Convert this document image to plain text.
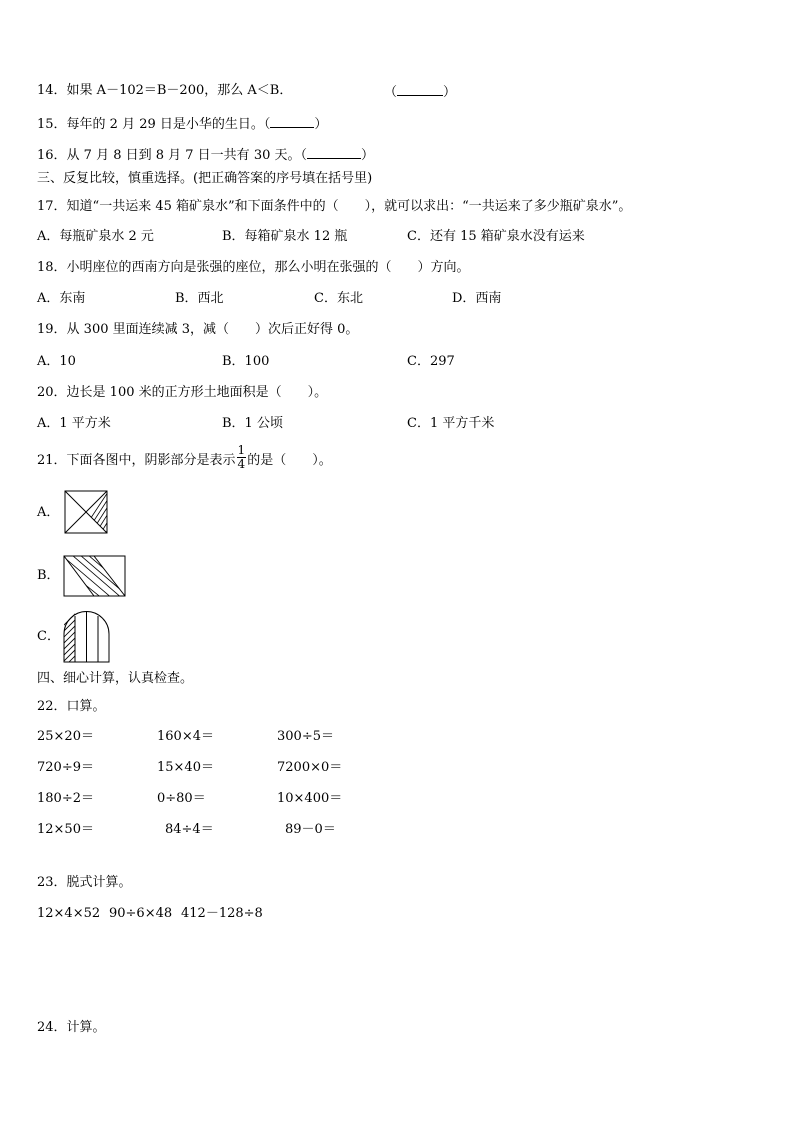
14．如果 A－102＝B－200，那么 A＜B．	（	）
15．每年的 2 月 29 日是小华的生日。（	）
16．从 7 月 8 日到 8 月 7 日一共有 30 天。（	）
三、反复比较，慎重选择。(把正确答案的序号填在括号里)
17．知道“一共运来 45 箱矿泉水”和下面条件中的（　　），就可以求出：“一共运来了多少瓶矿泉水”。
A．每瓶矿泉水 2 元	B．每箱矿泉水 12 瓶	C．还有 15 箱矿泉水没有运来
18．小明座位的西南方向是张强的座位，那么小明在张强的（　　）方向。
A．东南	B．西北	C．东北	D．西南
19．从 300 里面连续减 3，减（　　）次后正好得 0。
A．10	B．100	C．297
20．边长是 100 米的正方形土地面积是（　　）。
A．1 平方米	B．1 公顷	C．1 平方千米
21．下面各图中，阴影部分是表示 $\frac{1}{4}$ 的是（　　）。
A．
B．
C．
四、细心计算，认真检查。
22．口算。
25×20＝	160×4＝	300÷5＝
720÷9＝	15×40＝	7200×0＝
180÷2＝	0÷80＝	10×400＝
12×50＝	84÷4＝	89－0＝
23．脱式计算。
12×4×52 90÷6×48 412－128÷8
24．计算。
